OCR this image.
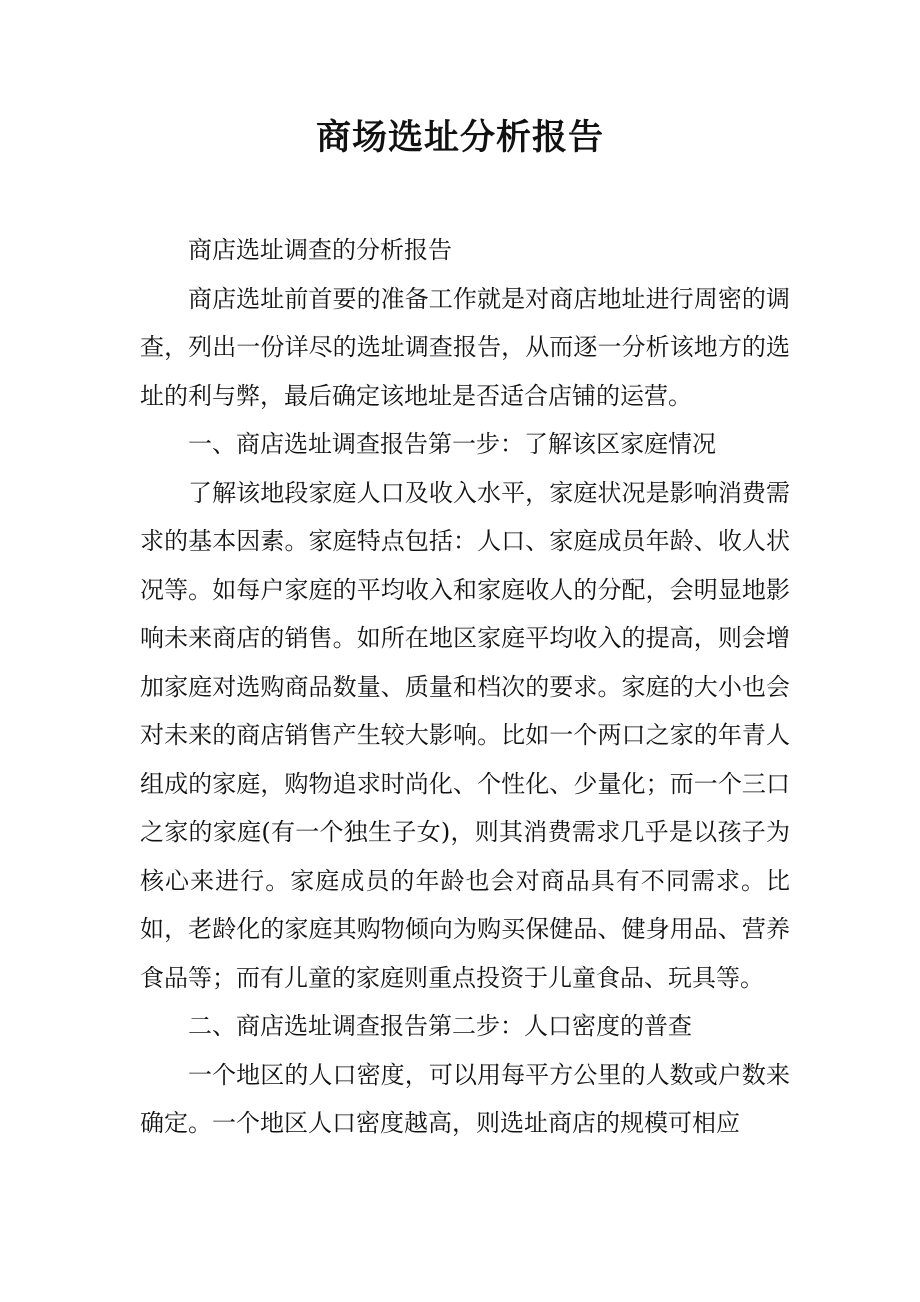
商场选址分析报告

商店选址调查的分析报告

商店选址前首要的准备工作就是对商店地址进行周密的调查，列出一份详尽的选址调查报告，从而逐一分析该地方的选址的利与弊，最后确定该地址是否适合店铺的运营。

一、商店选址调查报告第一步：了解该区家庭情况

了解该地段家庭人口及收入水平，家庭状况是影响消费需求的基本因素。家庭特点包括：人口、家庭成员年龄、收人状况等。如每户家庭的平均收入和家庭收人的分配，会明显地影响未来商店的销售。如所在地区家庭平均收入的提高，则会增加家庭对选购商品数量、质量和档次的要求。家庭的大小也会对未来的商店销售产生较大影响。比如一个两口之家的年青人组成的家庭，购物追求时尚化、个性化、少量化；而一个三口之家的家庭(有一个独生子女)，则其消费需求几乎是以孩子为核心来进行。家庭成员的年龄也会对商品具有不同需求。比如，老龄化的家庭其购物倾向为购买保健品、健身用品、营养食品等；而有儿童的家庭则重点投资于儿童食品、玩具等。

二、商店选址调查报告第二步：人口密度的普查

一个地区的人口密度，可以用每平方公里的人数或户数来确定。一个地区人口密度越高，则选址商店的规模可相应
